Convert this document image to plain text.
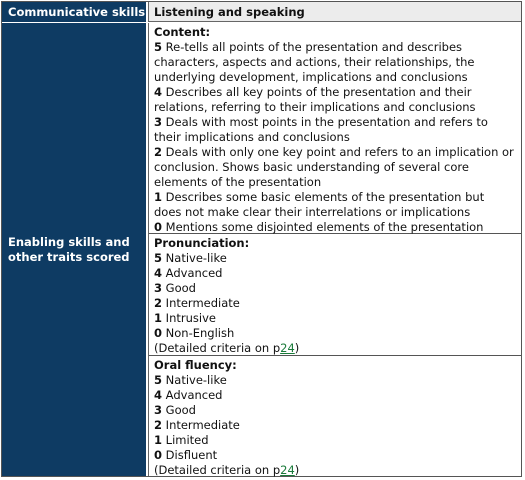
Communicative skills Listening and speaking
Enabling skills and other traits scored
Content:
5 Re-tells all points of the presentation and describes characters, aspects and actions, their relationships, the underlying development, implications and conclusions
4 Describes all key points of the presentation and their relations, referring to their implications and conclusions
3 Deals with most points in the presentation and refers to their implications and conclusions
2 Deals with only one key point and refers to an implication or conclusion. Shows basic understanding of several core elements of the presentation
1 Describes some basic elements of the presentation but does not make clear their interrelations or implications
0 Mentions some disjointed elements of the presentation
Pronunciation:
5 Native-like
4 Advanced
3 Good
2 Intermediate
1 Intrusive
0 Non-English
(Detailed criteria on p24)
Oral fluency:
5 Native-like
4 Advanced
3 Good
2 Intermediate
1 Limited
0 Disfluent
(Detailed criteria on p24)
